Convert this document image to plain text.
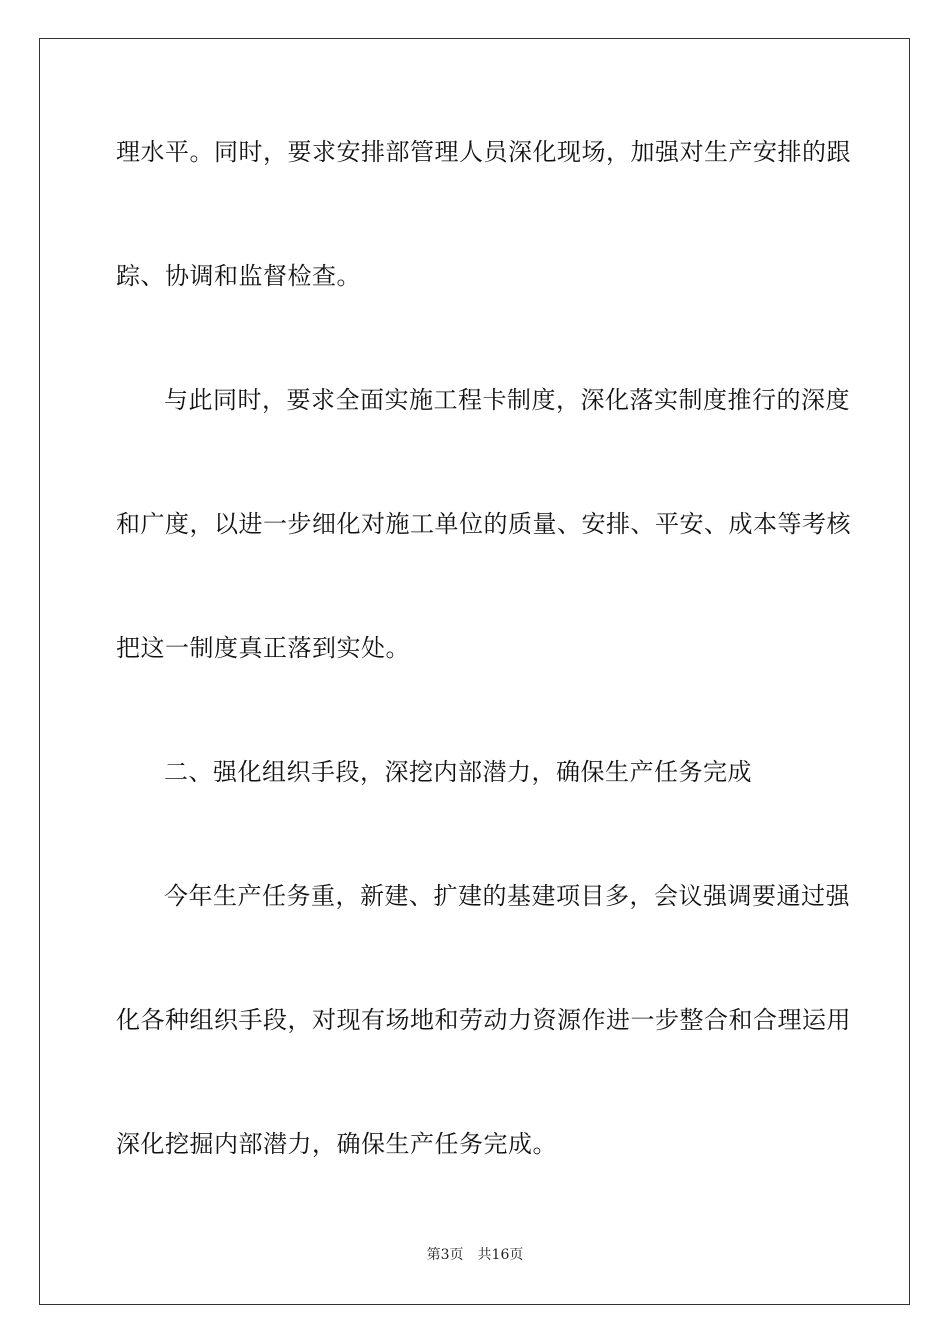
理水平。同时，要求安排部管理人员深化现场，加强对生产安排的跟
踪、协调和监督检查。
与此同时，要求全面实施工程卡制度，深化落实制度推行的深度
和广度，以进一步细化对施工单位的质量、安排、平安、成本等考核
把这一制度真正落到实处。
二、强化组织手段，深挖内部潜力，确保生产任务完成
今年生产任务重，新建、扩建的基建项目多，会议强调要通过强
化各种组织手段，对现有场地和劳动力资源作进一步整合和合理运用
深化挖掘内部潜力，确保生产任务完成。
第3页 共16页
